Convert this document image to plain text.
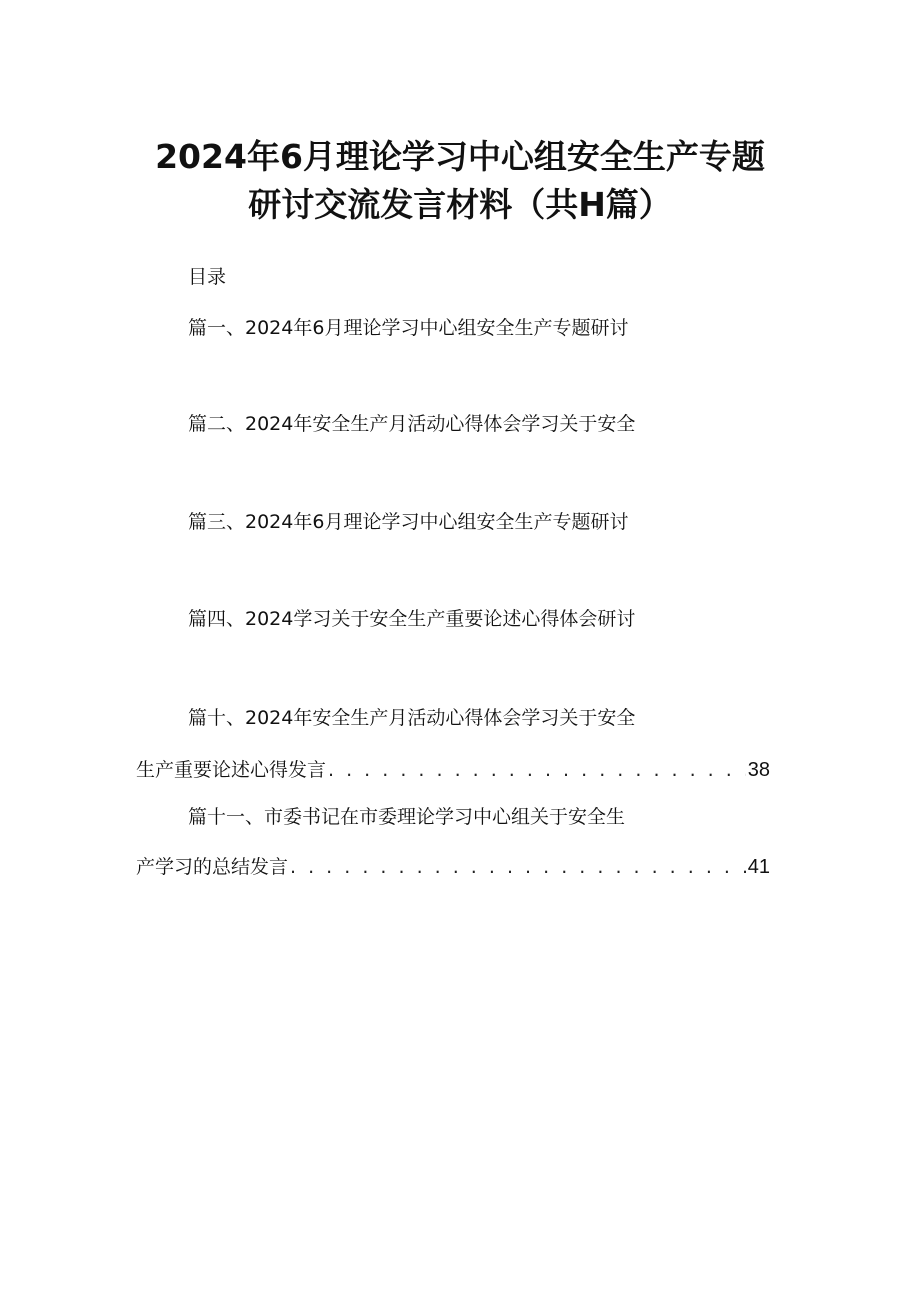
2024年6月理论学习中心组安全生产专题
研讨交流发言材料（共H篇）
目录
篇一、2024年6月理论学习中心组安全生产专题研讨
篇二、2024年安全生产月活动心得体会学习关于安全
篇三、2024年6月理论学习中心组安全生产专题研讨
篇四、2024学习关于安全生产重要论述心得体会研讨
篇十、2024年安全生产月活动心得体会学习关于安全
生产重要论述心得发言 . . .	38
篇十一、市委书记在市委理论学习中心组关于安全生
产学习的总结发言 . . .	41
